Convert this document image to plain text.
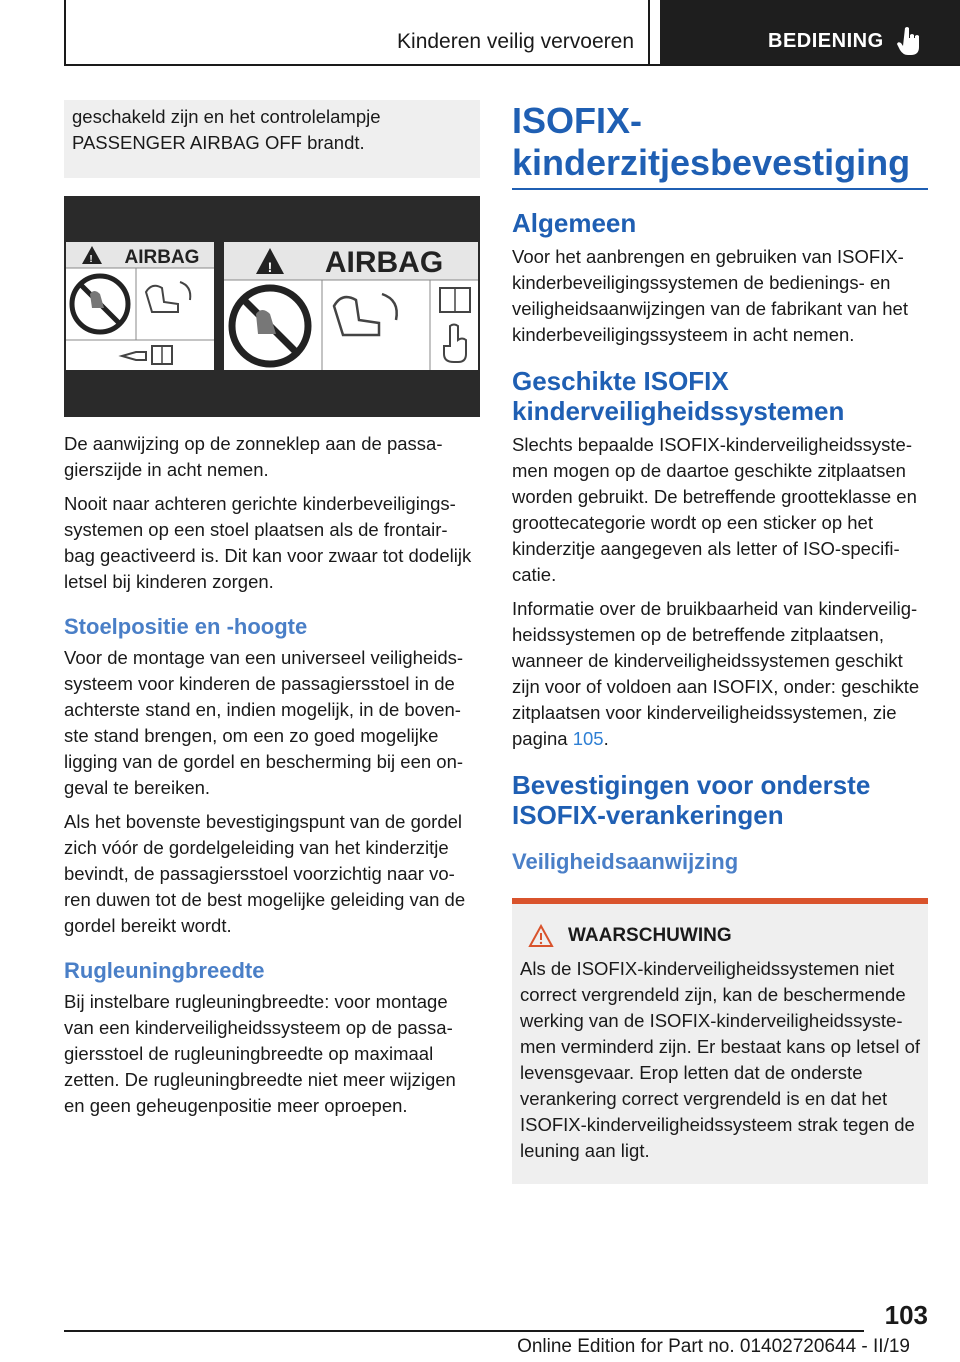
Kinderen veilig vervoeren	BEDIENING

geschakeld zijn en het controlelampje PASSENGER AIRBAG OFF brandt.

! AIRBAG	! AIRBAG

De aanwijzing op de zonneklep aan de passa‐ gierszijde in acht nemen.

Nooit naar achteren gerichte kinderbeveiligings‐ systemen op een stoel plaatsen als de frontair‐ bag geactiveerd is. Dit kan voor zwaar tot dodelijk letsel bij kinderen zorgen.

Stoelpositie en -hoogte

Voor de montage van een universeel veiligheids‐ systeem voor kinderen de passagiersstoel in de achterste stand en, indien mogelijk, in de boven‐ ste stand brengen, om een zo goed mogelijke ligging van de gordel en bescherming bij een on‐ geval te bereiken.

Als het bovenste bevestigingspunt van de gordel zich vóór de gordelgeleiding van het kinderzitje bevindt, de passagiersstoel voorzichtig naar vo‐ ren duwen tot de best mogelijke geleiding van de gordel bereikt wordt.

Rugleuningbreedte

Bij instelbare rugleuningbreedte: voor montage van een kinderveiligheidssysteem op de passa‐ giersstoel de rugleuningbreedte op maximaal zetten. De rugleuningbreedte niet meer wijzigen en geen geheugenpositie meer oproepen.

ISOFIX-kinderzitjesbevestiging
Algemeen

Voor het aanbrengen en gebruiken van ISOFIX- kinderbeveiligingssystemen de bedienings- en veiligheidsaanwijzingen van de fabrikant van het kinderbeveiligingssysteem in acht nemen.

Geschikte ISOFIX kinderveiligheidssystemen

Slechts bepaalde ISOFIX-kinderveiligheidssyste‐ men mogen op de daartoe geschikte zitplaatsen worden gebruikt. De betreffende grootteklasse en groottecategorie wordt op een sticker op het kinderzitje aangegeven als letter of ISO-specifi‐ catie.

Informatie over de bruikbaarheid van kinderveilig‐ heidssystemen op de betreffende zitplaatsen, wanneer de kinderveiligheidssystemen geschikt zijn voor of voldoen aan ISOFIX, onder: geschikte zitplaatsen voor kinderveiligheidssystemen, zie pagina 105.

Bevestigingen voor onderste ISOFIX-verankeringen
Veiligheidsaanwijzing
WAARSCHUWING

Als de ISOFIX-kinderveiligheidssystemen niet correct vergrendeld zijn, kan de beschermende werking van de ISOFIX-kinderveiligheidssyste‐ men verminderd zijn. Er bestaat kans op letsel of levensgevaar. Erop letten dat de onderste verankering correct vergrendeld is en dat het ISOFIX-kinderveiligheidssysteem strak tegen de leuning aan ligt.

103
Online Edition for Part no. 01402720644 - II/19
